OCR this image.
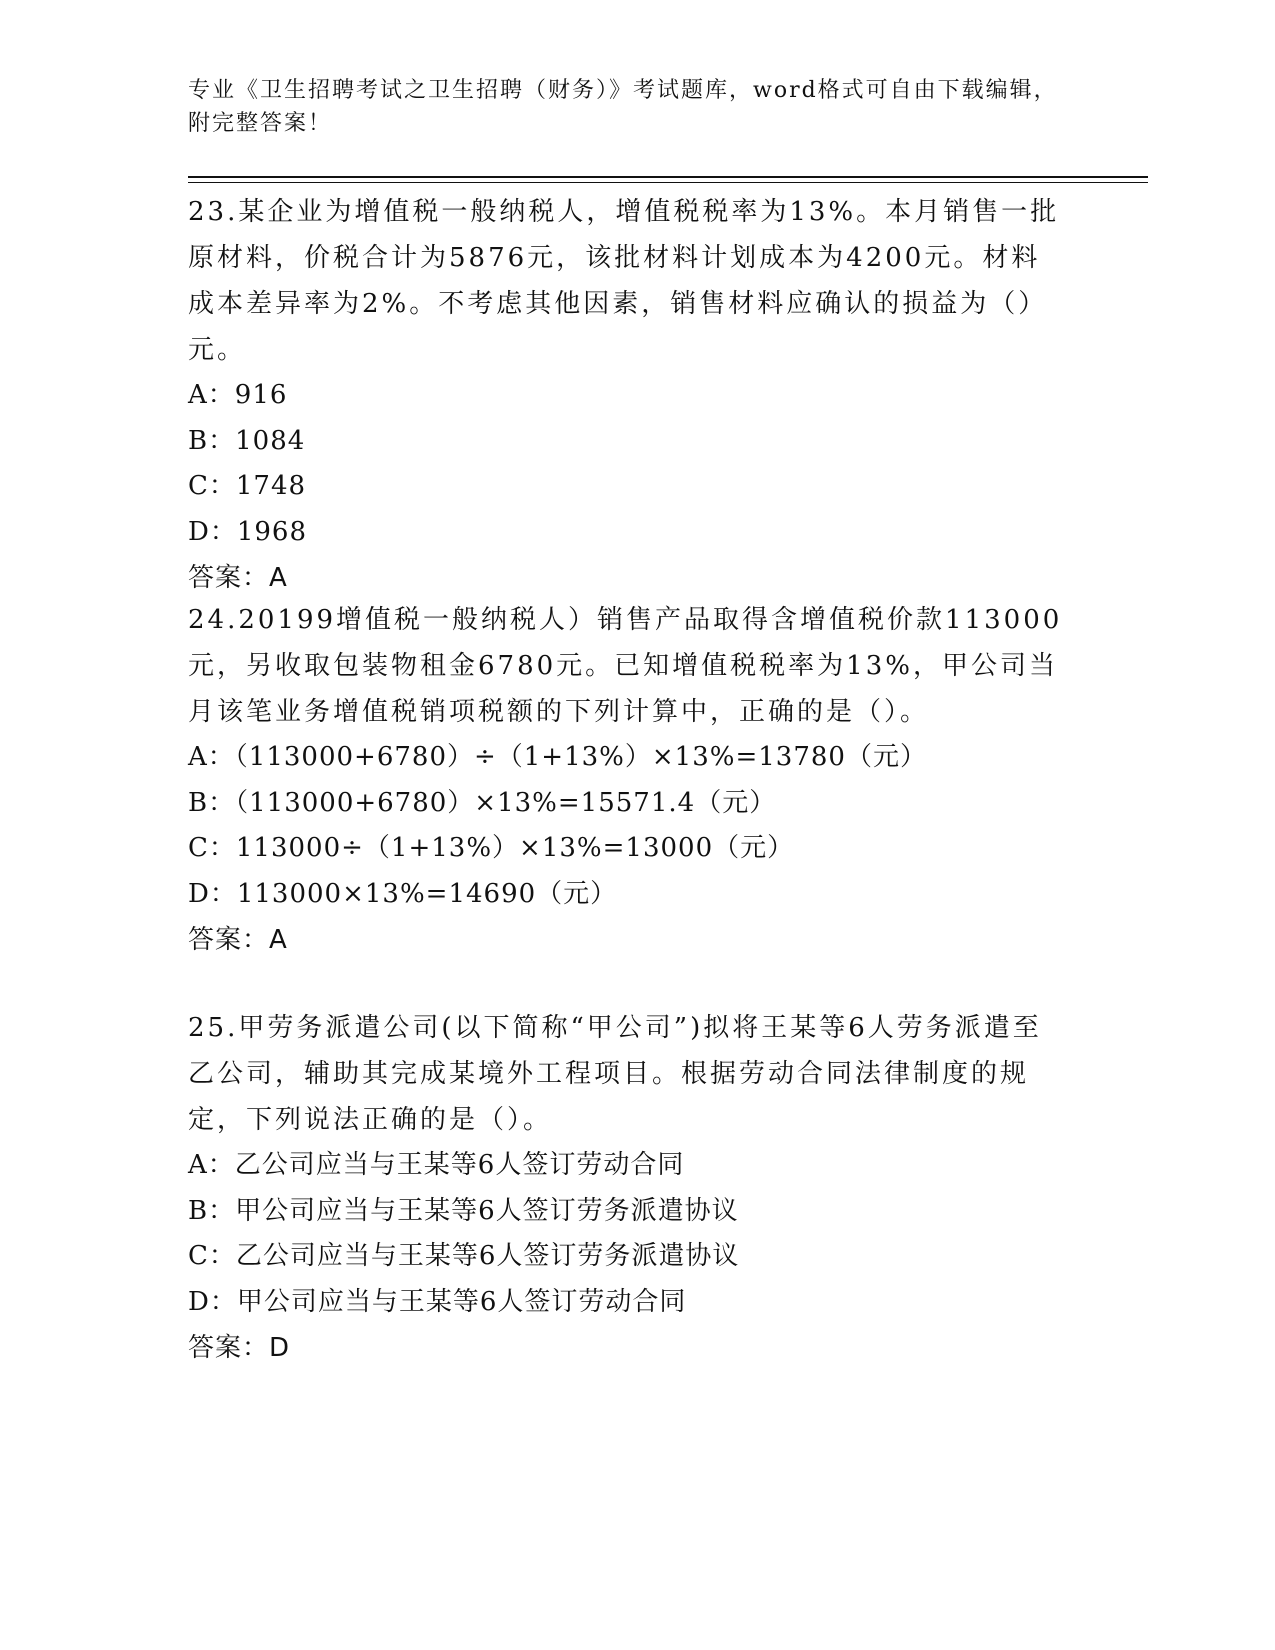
专业《卫生招聘考试之卫生招聘（财务）》考试题库，word格式可自由下载编辑，附完整答案！
23.某企业为增值税一般纳税人，增值税税率为13%。本月销售一批原材料，价税合计为5876元，该批材料计划成本为4200元。材料成本差异率为2%。不考虑其他因素，销售材料应确认的损益为（）元。
A：916
B：1084
C：1748
D：1968
答案：A
24.20199增值税一般纳税人）销售产品取得含增值税价款113000元，另收取包装物租金6780元。已知增值税税率为13%，甲公司当月该笔业务增值税销项税额的下列计算中，正确的是（）。
A：（113000+6780）÷（1+13%）×13%=13780（元）
B：（113000+6780）×13%=15571.4（元）
C：113000÷（1+13%）×13%=13000（元）
D：113000×13%=14690（元）
答案：A
25.甲劳务派遣公司(以下简称“甲公司”)拟将王某等6人劳务派遣至乙公司，辅助其完成某境外工程项目。根据劳动合同法律制度的规定，下列说法正确的是（）。
A：乙公司应当与王某等6人签订劳动合同
B：甲公司应当与王某等6人签订劳务派遣协议
C：乙公司应当与王某等6人签订劳务派遣协议
D：甲公司应当与王某等6人签订劳动合同
答案：D
